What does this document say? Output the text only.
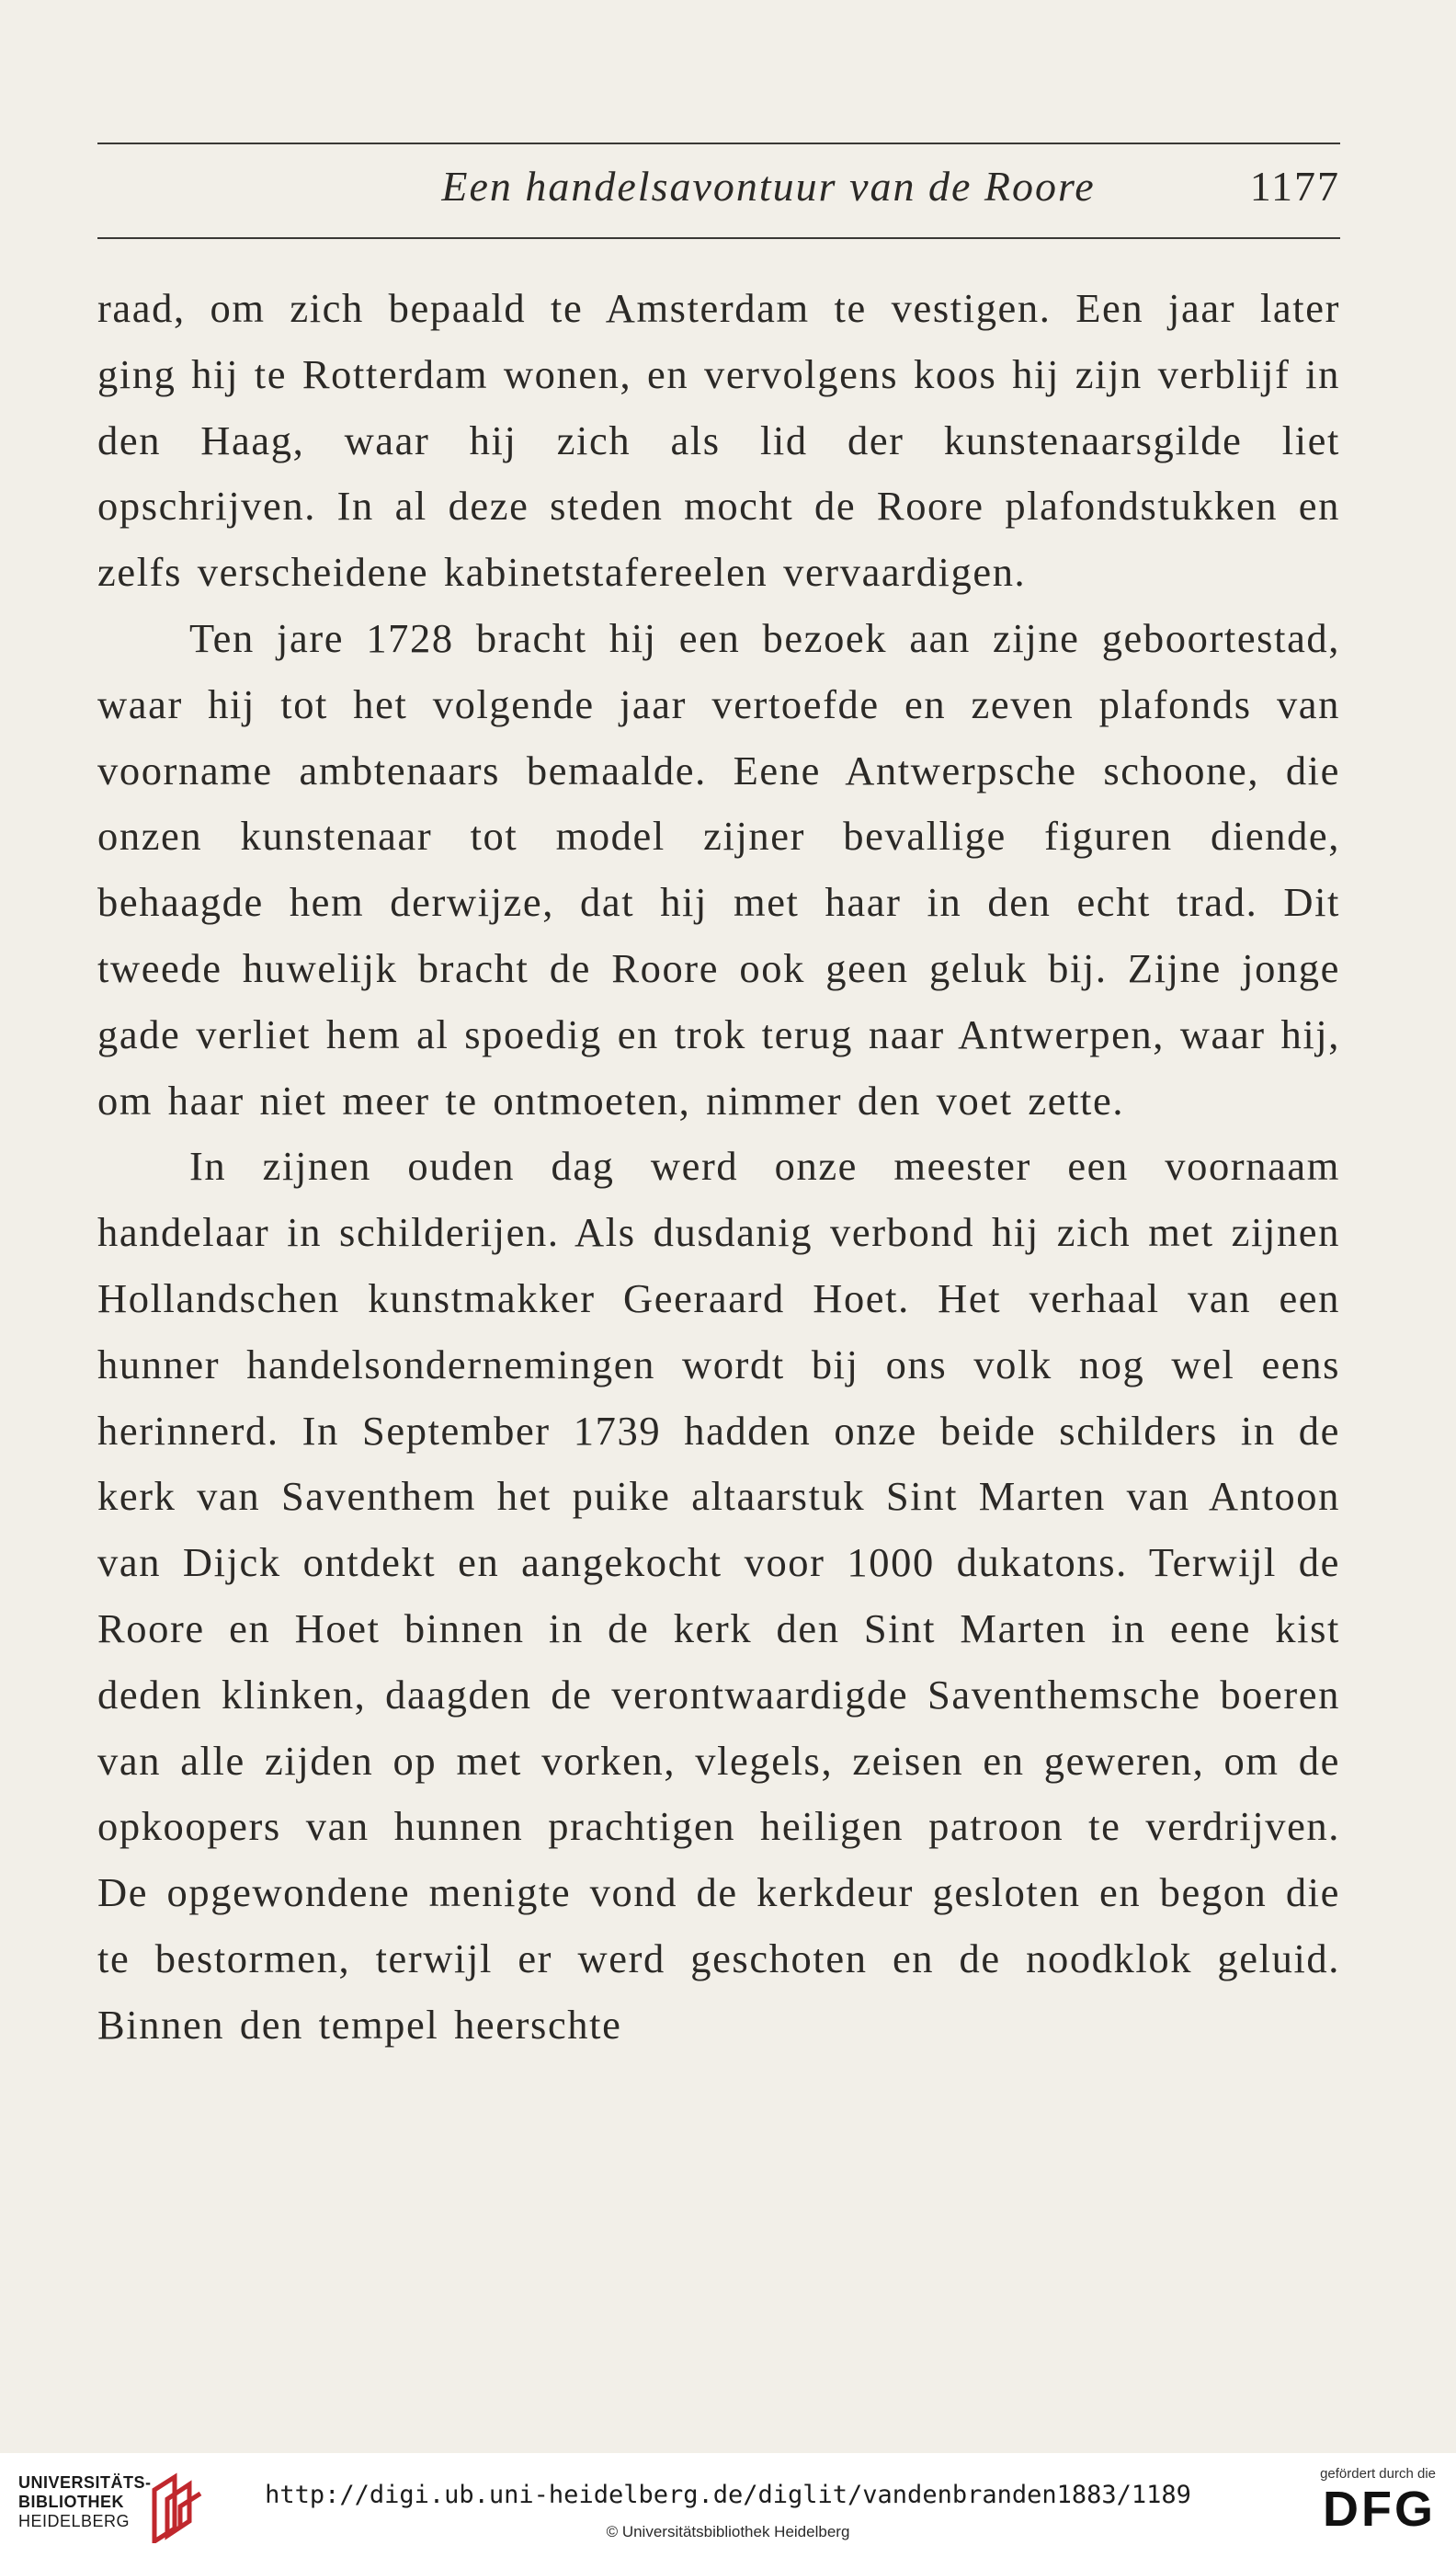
Een handelsavontuur van de Roore	1177

raad, om zich bepaald te Amsterdam te vestigen. Een jaar later ging hij te Rotterdam wonen, en vervolgens koos hij zijn verblijf in den Haag, waar hij zich als lid der kunstenaarsgilde liet opschrijven. In al deze steden mocht de Roore plafondstukken en zelfs verscheidene kabinetstafereelen vervaardigen.

Ten jare 1728 bracht hij een bezoek aan zijne geboortestad, waar hij tot het volgende jaar vertoefde en zeven plafonds van voorname ambtenaars bemaalde. Eene Antwerpsche schoone, die onzen kunstenaar tot model zijner bevallige figuren diende, behaagde hem derwijze, dat hij met haar in den echt trad. Dit tweede huwelijk bracht de Roore ook geen geluk bij. Zijne jonge gade verliet hem al spoedig en trok terug naar Antwerpen, waar hij, om haar niet meer te ontmoeten, nimmer den voet zette.

In zijnen ouden dag werd onze meester een voornaam handelaar in schilderijen. Als dusdanig verbond hij zich met zijnen Hollandschen kunstmakker Geeraard Hoet. Het verhaal van een hunner handelsondernemingen wordt bij ons volk nog wel eens herinnerd. In September 1739 hadden onze beide schilders in de kerk van Saventhem het puike altaarstuk Sint Marten van Antoon van Dijck ontdekt en aangekocht voor 1000 dukatons. Terwijl de Roore en Hoet binnen in de kerk den Sint Marten in eene kist deden klinken, daagden de verontwaardigde Saventhemsche boeren van alle zijden op met vorken, vlegels, zeisen en geweren, om de opkoopers van hunnen prachtigen heiligen patroon te verdrijven. De opgewondene menigte vond de kerkdeur gesloten en begon die te bestormen, terwijl er werd geschoten en de noodklok geluid. Binnen den tempel heerschte

UNIVERSITÄTS-
BIBLIOTHEK
HEIDELBERG
http://digi.ub.uni-heidelberg.de/diglit/vandenbranden1883/1189
© Universitätsbibliothek Heidelberg
gefördert durch die
DFG
